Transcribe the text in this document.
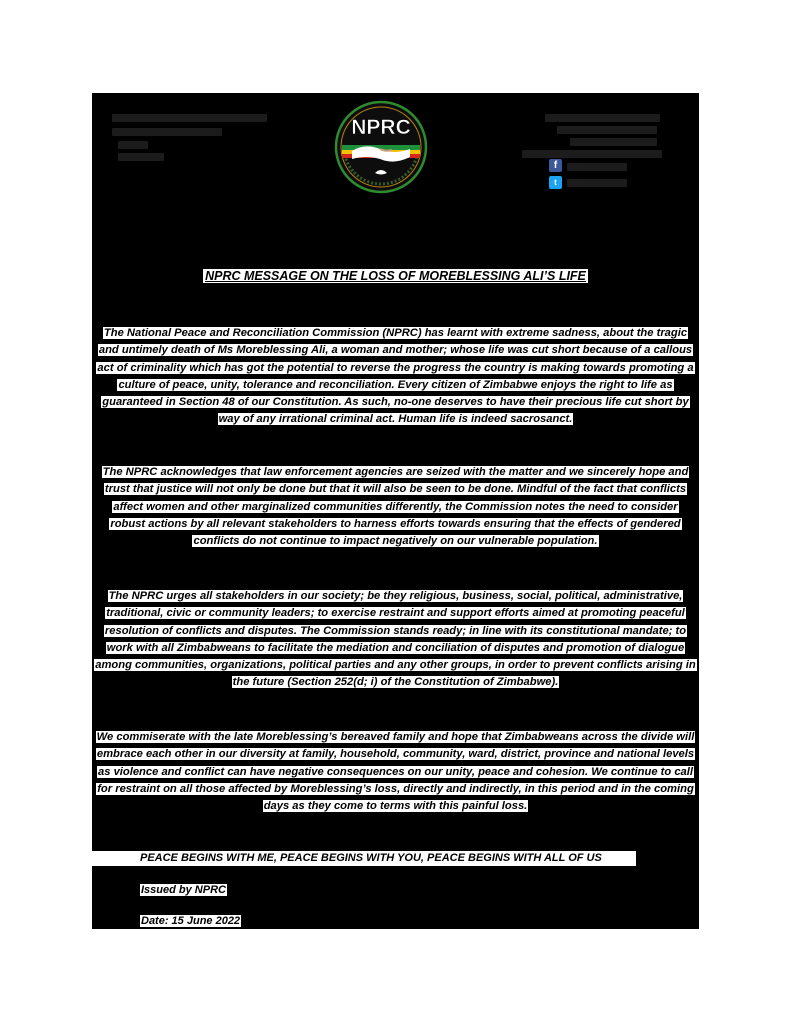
NPRC
f
t
NPRC MESSAGE ON THE LOSS OF MOREBLESSING ALI’S LIFE
The National Peace and Reconciliation Commission (NPRC) has learnt with extreme sadness, about the tragic and untimely death of Ms Moreblessing Ali, a woman and mother; whose life was cut short because of a callous act of criminality which has got the potential to reverse the progress the country is making towards promoting a culture of peace, unity, tolerance and reconciliation. Every citizen of Zimbabwe enjoys the right to life as guaranteed in Section 48 of our Constitution. As such, no-one deserves to have their precious life cut short by way of any irrational criminal act. Human life is indeed sacrosanct.
The NPRC acknowledges that law enforcement agencies are seized with the matter and we sincerely hope and trust that justice will not only be done but that it will also be seen to be done. Mindful of the fact that conflicts affect women and other marginalized communities differently, the Commission notes the need to consider robust actions by all relevant stakeholders to harness efforts towards ensuring that the effects of gendered conflicts do not continue to impact negatively on our vulnerable population.
The NPRC urges all stakeholders in our society; be they religious, business, social, political, administrative, traditional, civic or community leaders; to exercise restraint and support efforts aimed at promoting peaceful resolution of conflicts and disputes. The Commission stands ready; in line with its constitutional mandate; to work with all Zimbabweans to facilitate the mediation and conciliation of disputes and promotion of dialogue among communities, organizations, political parties and any other groups, in order to prevent conflicts arising in the future (Section 252(d; i) of the Constitution of Zimbabwe).
We commiserate with the late Moreblessing’s bereaved family and hope that Zimbabweans across the divide will embrace each other in our diversity at family, household, community, ward, district, province and national levels as violence and conflict can have negative consequences on our unity, peace and cohesion. We continue to call for restraint on all those affected by Moreblessing’s loss, directly and indirectly, in this period and in the coming days as they come to terms with this painful loss.
PEACE BEGINS WITH ME, PEACE BEGINS WITH YOU, PEACE BEGINS WITH ALL OF US
Issued by NPRC
Date: 15 June 2022
